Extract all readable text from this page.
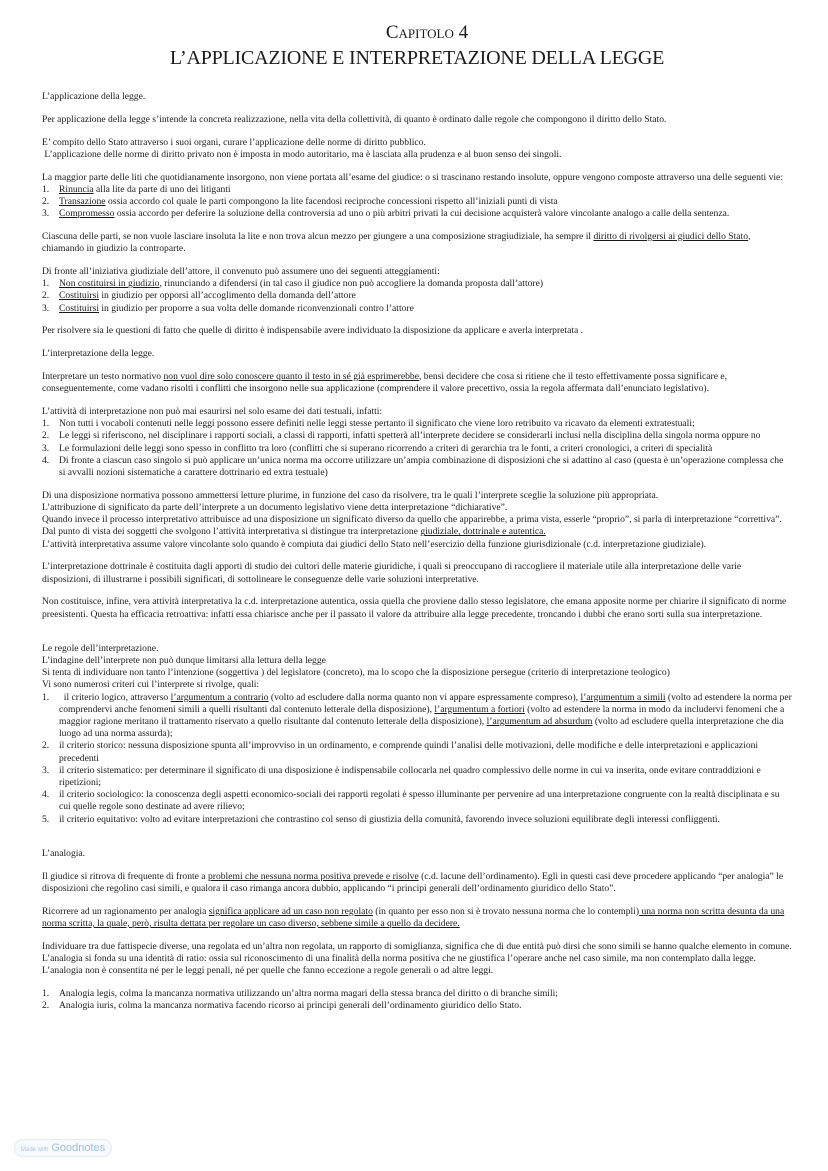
Capitolo 4
L’APPLICAZIONE E INTERPRETAZIONE DELLA LEGGE

L’applicazione della legge.

Per applicazione della legge s’intende la concreta realizzazione, nella vita della collettività, di quanto è ordinato dalle regole che compongono il diritto dello Stato.

E’ compito dello Stato attraverso i suoi organi, curare l’applicazione delle norme di diritto pubblico.

L’applicazione delle norme di diritto privato non è imposta in modo autoritario, ma è lasciata alla prudenza e al buon senso dei singoli.

La maggior parte delle liti che quotidianamente insorgono, non viene portata all’esame del giudice: o si trascinano restando insolute, oppure vengono composte attraverso una delle seguenti vie:

1.	Rinuncia alla lite da parte di uno dei litiganti
2.	Transazione ossia accordo col quale le parti compongono la lite facendosi reciproche concessioni rispetto all’iniziali punti di vista
3.	Compromesso ossia accordo per deferire la soluzione della controversia ad uno o più arbitri privati la cui decisione acquisterà valore vincolante analogo a calle della sentenza.

Ciascuna delle parti, se non vuole lasciare insoluta la lite e non trova alcun mezzo per giungere a una composizione stragiudiziale, ha sempre il diritto di rivolgersi ai giudici dello Stato, chiamando in giudizio la controparte.

Di fronte all’iniziativa giudiziale dell’attore, il convenuto può assumere uno dei seguenti atteggiamenti:

1.	Non costituirsi in giudizio, rinunciando a difendersi (in tal caso il giudice non può accogliere la domanda proposta dall’attore)
2.	Costituirsi in giudizio per opporsi all’accoglimento della domanda dell’attore
3.	Costituirsi in giudizio per proporre a sua volta delle domande riconvenzionali contro l’attore

Per risolvere sia le questioni di fatto che quelle di diritto è indispensabile avere individuato la disposizione da applicare e averla interpretata .

L’interpretazione della legge.

Interpretare un testo normativo non vuol dire solo conoscere quanto il testo in sé già esprimerebbe, bensì decidere che cosa si ritiene che il testo effettivamente possa significare e, conseguentemente, come vadano risolti i conflitti che insorgono nelle sua applicazione (comprendere il valore precettivo, ossia la regola affermata dall’enunciato legislativo).

L’attività di interpretazione non può mai esaurirsi nel solo esame dei dati testuali, infatti:

1.	Non tutti i vocaboli contenuti nelle leggi possono essere definiti nelle leggi stesse pertanto il significato che viene loro retribuito va ricavato da elementi extratestuali;
2.	Le leggi si riferiscono, nel disciplinare i rapporti sociali, a classi di rapporti, infatti spetterà all’interprete decidere se considerarli inclusi nella disciplina della singola norma oppure no
3.	Le formulazioni delle leggi sono spesso in conflitto tra loro (conflitti che si superano ricorrendo a criteri di gerarchia tra le fonti, a criteri cronologici, a criteri di specialità
4.	Di fronte a ciascun caso singolo si può applicare un’unica norma ma occorre utilizzare un’ampia combinazione di disposizioni che si adattino al caso (questa è un’operazione complessa che si avvalli nozioni sistematiche a carattere dottrinario ed extra testuale)

Di una disposizione normativa possono ammettersi letture plurime, in funzione del caso da risolvere, tra le quali l’interprete sceglie la soluzione più appropriata.

L’attribuzione di significato da parte dell’interprete a un documento legislativo viene detta interpretazione “dichiarative”.

Quando invece il processo interpretativo attribuisce ad una disposizione un significato diverso da quello che apparirebbe, a prima vista, esserle “proprio”, si parla di interpretazione “correttiva”.

Dal punto di vista dei soggetti che svolgono l’attività interpretativa si distingue tra interpretazione giudiziale, dottrinale e autentica.

L’attività interpretativa assume valore vincolante solo quando è compiuta dai giudici dello Stato nell’esercizio della funzione giurisdizionale (c.d. interpretazione giudiziale).

L’interpretazione dottrinale è costituita dagli apporti di studio dei cultori delle materie giuridiche, i quali si preoccupano di raccogliere il materiale utile alla interpretazione delle varie disposizioni, di illustrarne i possibili significati, di sottolineare le conseguenze delle varie soluzioni interpretative.

Non costituisce, infine, vera attività interpretativa la c.d. interpretazione autentica, ossia quella che proviene dallo stesso legislatore, che emana apposite norme per chiarire il significato di norme preesistenti. Questa ha efficacia retroattiva: infatti essa chiarisce anche per il passato il valore da attribuire alla legge precedente, troncando i dubbi che erano sorti sulla sua interpretazione.

Le regole dell’interpretazione.

L’indagine dell’interprete non può dunque limitarsi alla lettura della legge

Si tenta di individuare non tanto l’intenzione (soggettiva ) del legislatore (concreto), ma lo scopo che la disposizione persegue (criterio di interpretazione teologico)

Vi sono numerosi criteri cui l’interprete si rivolge, quali:

1.	il criterio logico, attraverso l’argumentum a contrario (volto ad escludere dalla norma quanto non vi appare espressamente compreso), l’argumentum a simili (volto ad estendere la norma per comprendervi anche fenomeni simili a quelli risultanti dal contenuto letterale della disposizione), l’argumentum a fortiori (volto ad estendere la norma in modo da includervi fenomeni che a maggior ragione meritano il trattamento riservato a quello risultante dal contenuto letterale della disposizione), l’argumentum ad absurdum (volto ad escludere quella interpretazione che dia luogo ad una norma assurda);
2.	il criterio storico: nessuna disposizione spunta all’improvviso in un ordinamento, e comprende quindi l’analisi delle motivazioni, delle modifiche e delle interpretazioni e applicazioni precedenti
3.	il criterio sistematico: per determinare il significato di una disposizione è indispensabile collocarla nel quadro complessivo delle norme in cui va inserita, onde evitare contraddizioni e ripetizioni;
4.	il criterio sociologico: la conoscenza degli aspetti economico-sociali dei rapporti regolati è spesso illuminante per pervenire ad una interpretazione congruente con la realtà disciplinata e su cui quelle regole sono destinate ad avere rilievo;
5.	il criterio equitativo: volto ad evitare interpretazioni che contrastino col senso di giustizia della comunità, favorendo invece soluzioni equilibrate degli interessi confliggenti.

L’analogia.

Il giudice si ritrova di frequente di fronte a problemi che nessuna norma positiva prevede e risolve (c.d. lacune dell’ordinamento). Egli in questi casi deve procedere applicando “per analogia” le disposizioni che regolino casi simili, e qualora il caso rimanga ancora dubbio, applicando “i principi generali dell’ordinamento giuridico dello Stato”.

Ricorrere ad un ragionamento per analogia significa applicare ad un caso non regolato (in quanto per esso non si è trovato nessuna norma che lo contempli) una norma non scritta desunta da una norma scritta, la quale, però, risulta dettata per regolare un caso diverso, sebbene simile a quello da decidere.

Individuare tra due fattispecie diverse, una regolata ed un’altra non regolata, un rapporto di somiglianza, significa che di due entità può dirsi che sono simili se hanno qualche elemento in comune.

L’analogia si fonda su una identità di ratio: ossia sul riconoscimento di una finalità della norma positiva che ne giustifica l’operare anche nel caso simile, ma non contemplato dalla legge.

L’analogia non è consentita né per le leggi penali, né per quelle che fanno eccezione a regole generali o ad altre leggi.

1.	Analogia legis, colma la mancanza normativa utilizzando un’altra norma magari della stessa branca del diritto o di branche simili;
2.	Analogia iuris, colma la mancanza normativa facendo ricorso ai principi generali dell’ordinamento giuridico dello Stato.
Made with Goodnotes
